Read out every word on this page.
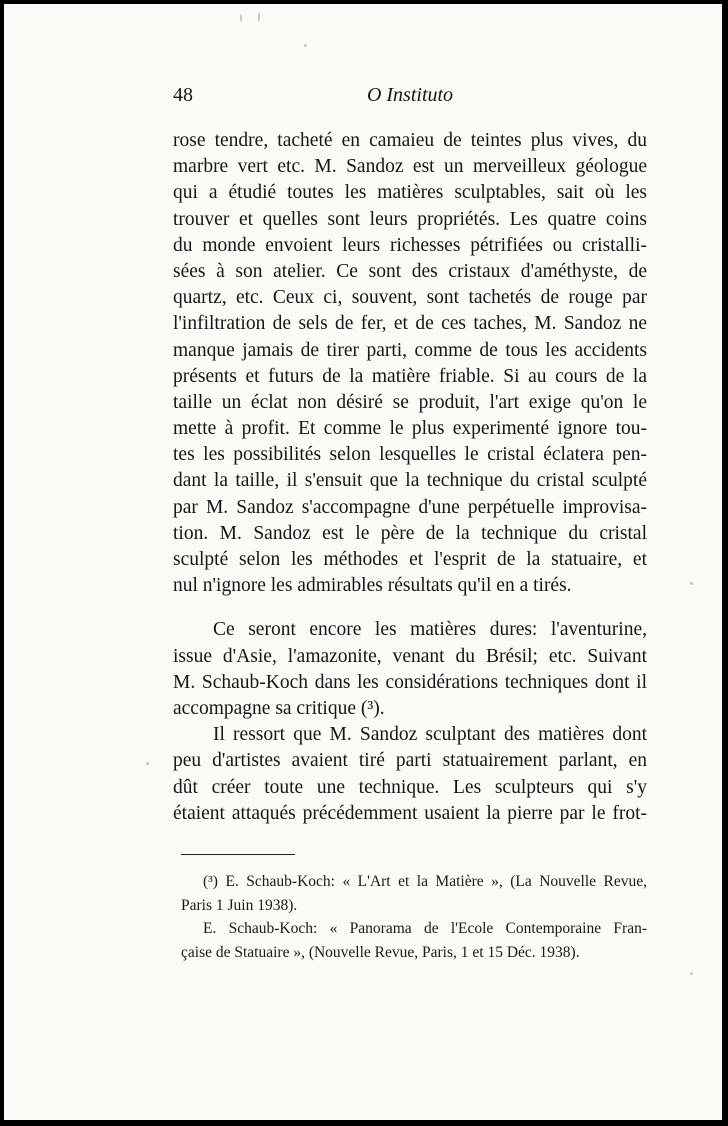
48	O Instituto
rose tendre, tacheté en camaieu de teintes plus vives, du
marbre vert etc. M. Sandoz est un merveilleux géologue
qui a étudié toutes les matières sculptables, sait où les
trouver et quelles sont leurs propriétés. Les quatre coins
du monde envoient leurs richesses pétrifiées ou cristalli-
sées à son atelier. Ce sont des cristaux d'améthyste, de
quartz, etc. Ceux ci, souvent, sont tachetés de rouge par
l'infiltration de sels de fer, et de ces taches, M. Sandoz ne
manque jamais de tirer parti, comme de tous les accidents
présents et futurs de la matière friable. Si au cours de la
taille un éclat non désiré se produit, l'art exige qu'on le
mette à profit. Et comme le plus experimenté ignore tou-
tes les possibilités selon lesquelles le cristal éclatera pen-
dant la taille, il s'ensuit que la technique du cristal sculpté
par M. Sandoz s'accompagne d'une perpétuelle improvisa-
tion. M. Sandoz est le père de la technique du cristal
sculpté selon les méthodes et l'esprit de la statuaire, et
nul n'ignore les admirables résultats qu'il en a tirés.
Ce seront encore les matières dures: l'aventurine,
issue d'Asie, l'amazonite, venant du Brésil; etc. Suivant
M. Schaub-Koch dans les considérations techniques dont il
accompagne sa critique (³).
Il ressort que M. Sandoz sculptant des matières dont
peu d'artistes avaient tiré parti statuairement parlant, en
dût créer toute une technique. Les sculpteurs qui s'y
étaient attaqués précédemment usaient la pierre par le frot-
(³) E. Schaub-Koch: « L'Art et la Matière », (La Nouvelle Revue,
Paris 1 Juin 1938).
E. Schaub-Koch: « Panorama de l'Ecole Contemporaine Fran-
çaise de Statuaire », (Nouvelle Revue, Paris, 1 et 15 Déc. 1938).
